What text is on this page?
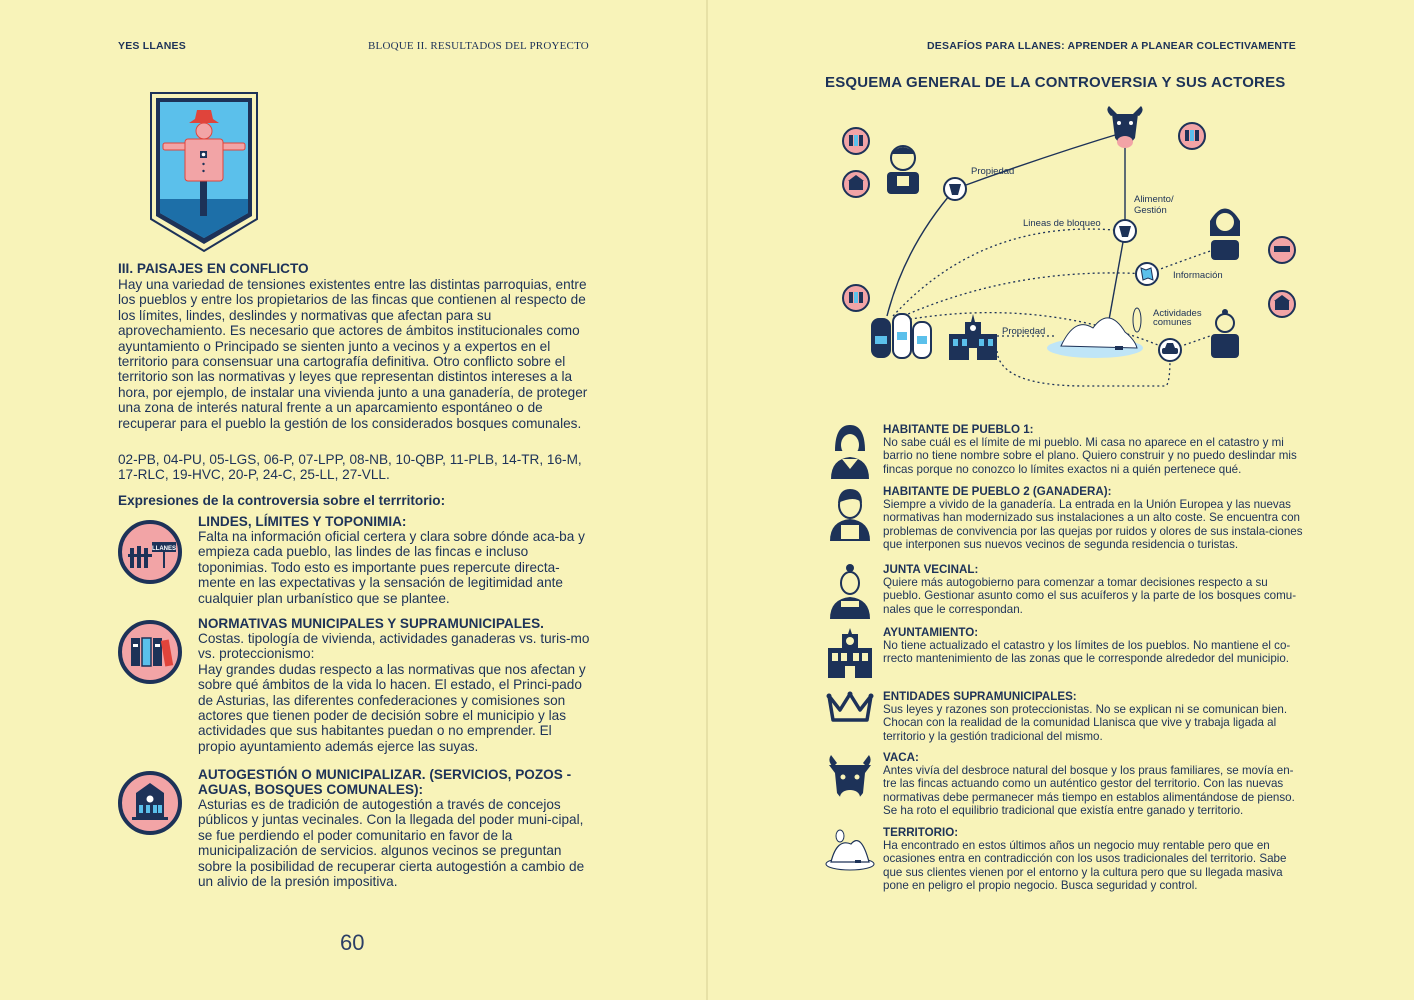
YES LLANES	BLOQUE II. RESULTADOS DEL PROYECTO
III. PAISAJES EN CONFLICTO

Hay una variedad de tensiones existentes entre las distintas parroquias, entre los pueblos y entre los propietarios de las fincas que contienen al respecto de los límites, lindes, deslindes y normativas que afectan para su aprovechamiento. Es necesario que actores de ámbitos institucionales como ayuntamiento o Principado se sienten junto a vecinos y a expertos en el territorio para consensuar una cartografía definitiva. Otro conflicto sobre el territorio son las normativas y leyes que representan distintos intereses a la hora, por ejemplo, de instalar una vivienda junto a una ganadería, de proteger una zona de interés natural frente a un aparcamiento espontáneo o de recuperar para el pueblo la gestión de los considerados bosques comunales.

02-PB, 04-PU, 05-LGS, 06-P, 07-LPP, 08-NB, 10-QBP, 11-PLB, 14-TR, 16-M, 17-RLC, 19-HVC, 20-P, 24-C, 25-LL, 27-VLL.

Expresiones de la controversia sobre el terrritorio:
LLANES
LINDES, LÍMITES Y TOPONIMIA:

Falta na información oficial certera y clara sobre dónde aca-ba y empieza cada pueblo, las lindes de las fincas e incluso toponimias. Todo esto es importante pues repercute directa-mente en las expectativas y la sensación de legitimidad ante cualquier plan urbanístico que se plantee.

NORMATIVAS MUNICIPALES Y SUPRAMUNICIPALES.

Costas. tipología de vivienda, actividades ganaderas vs. turis-mo vs. proteccionismo:

Hay grandes dudas respecto a las normativas que nos afectan y sobre qué ámbitos de la vida lo hacen. El estado, el Princi-pado de Asturias, las diferentes confederaciones y comisiones son actores que tienen poder de decisión sobre el municipio y las actividades que sus habitantes puedan o no emprender. El propio ayuntamiento además ejerce las suyas.

AUTOGESTIÓN O MUNICIPALIZAR. (SERVICIOS, POZOS - AGUAS, BOSQUES COMUNALES):

Asturias es de tradición de autogestión a través de concejos públicos y juntas vecinales. Con la llegada del poder muni-cipal, se fue perdiendo el poder comunitario en favor de la municipalización de servicios. algunos vecinos se preguntan sobre la posibilidad de recuperar cierta autogestión a cambio de un alivio de la presión impositiva.

60
DESAFÍOS PARA LLANES: APRENDER A PLANEAR COLECTIVAMENTE
ESQUEMA GENERAL DE LA CONTROVERSIA Y SUS ACTORES
Propiedad
Alimento/
Gestión
Lineas de bloqueo
Información
Actividades
comunes
Propiedad
HABITANTE DE PUEBLO 1:
No sabe cuál es el límite de mi pueblo. Mi casa no aparece en el catastro y mi barrio no tiene nombre sobre el plano. Quiero construir y no puedo deslindar mis fincas porque no conozco lo límites exactos ni a quién pertenece qué.
HABITANTE DE PUEBLO 2 (GANADERA):
Siempre a vivido de la ganadería. La entrada en la Unión Europea y las nuevas normativas han modernizado sus instalaciones a un alto coste. Se encuentra con problemas de convivencia por las quejas por ruidos y olores de sus instala-ciones que interponen sus nuevos vecinos de segunda residencia o turistas.
JUNTA VECINAL:
Quiere más autogobierno para comenzar a tomar decisiones respecto a su pueblo. Gestionar asunto como el sus acuíferos y la parte de los bosques comu-nales que le correspondan.
AYUNTAMIENTO:
No tiene actualizado el catastro y los límites de los pueblos. No mantiene el co-rrecto mantenimiento de las zonas que le corresponde alrededor del municipio.
ENTIDADES SUPRAMUNICIPALES:
Sus leyes y razones son proteccionistas. No se explican ni se comunican bien. Chocan con la realidad de la comunidad Llanisca que vive y trabaja ligada al territorio y la gestión tradicional del mismo.
VACA:
Antes vivía del desbroce natural del bosque y los praus familiares, se movía en-tre las fincas actuando como un auténtico gestor del territorio. Con las nuevas normativas debe permanecer más tiempo en establos alimentándose de pienso. Se ha roto el equilibrio tradicional que existía entre ganado y territorio.
TERRITORIO:
Ha encontrado en estos últimos años un negocio muy rentable pero que en ocasiones entra en contradicción con los usos tradicionales del territorio. Sabe que sus clientes vienen por el entorno y la cultura pero que su llegada masiva pone en peligro el propio negocio. Busca seguridad y control.
